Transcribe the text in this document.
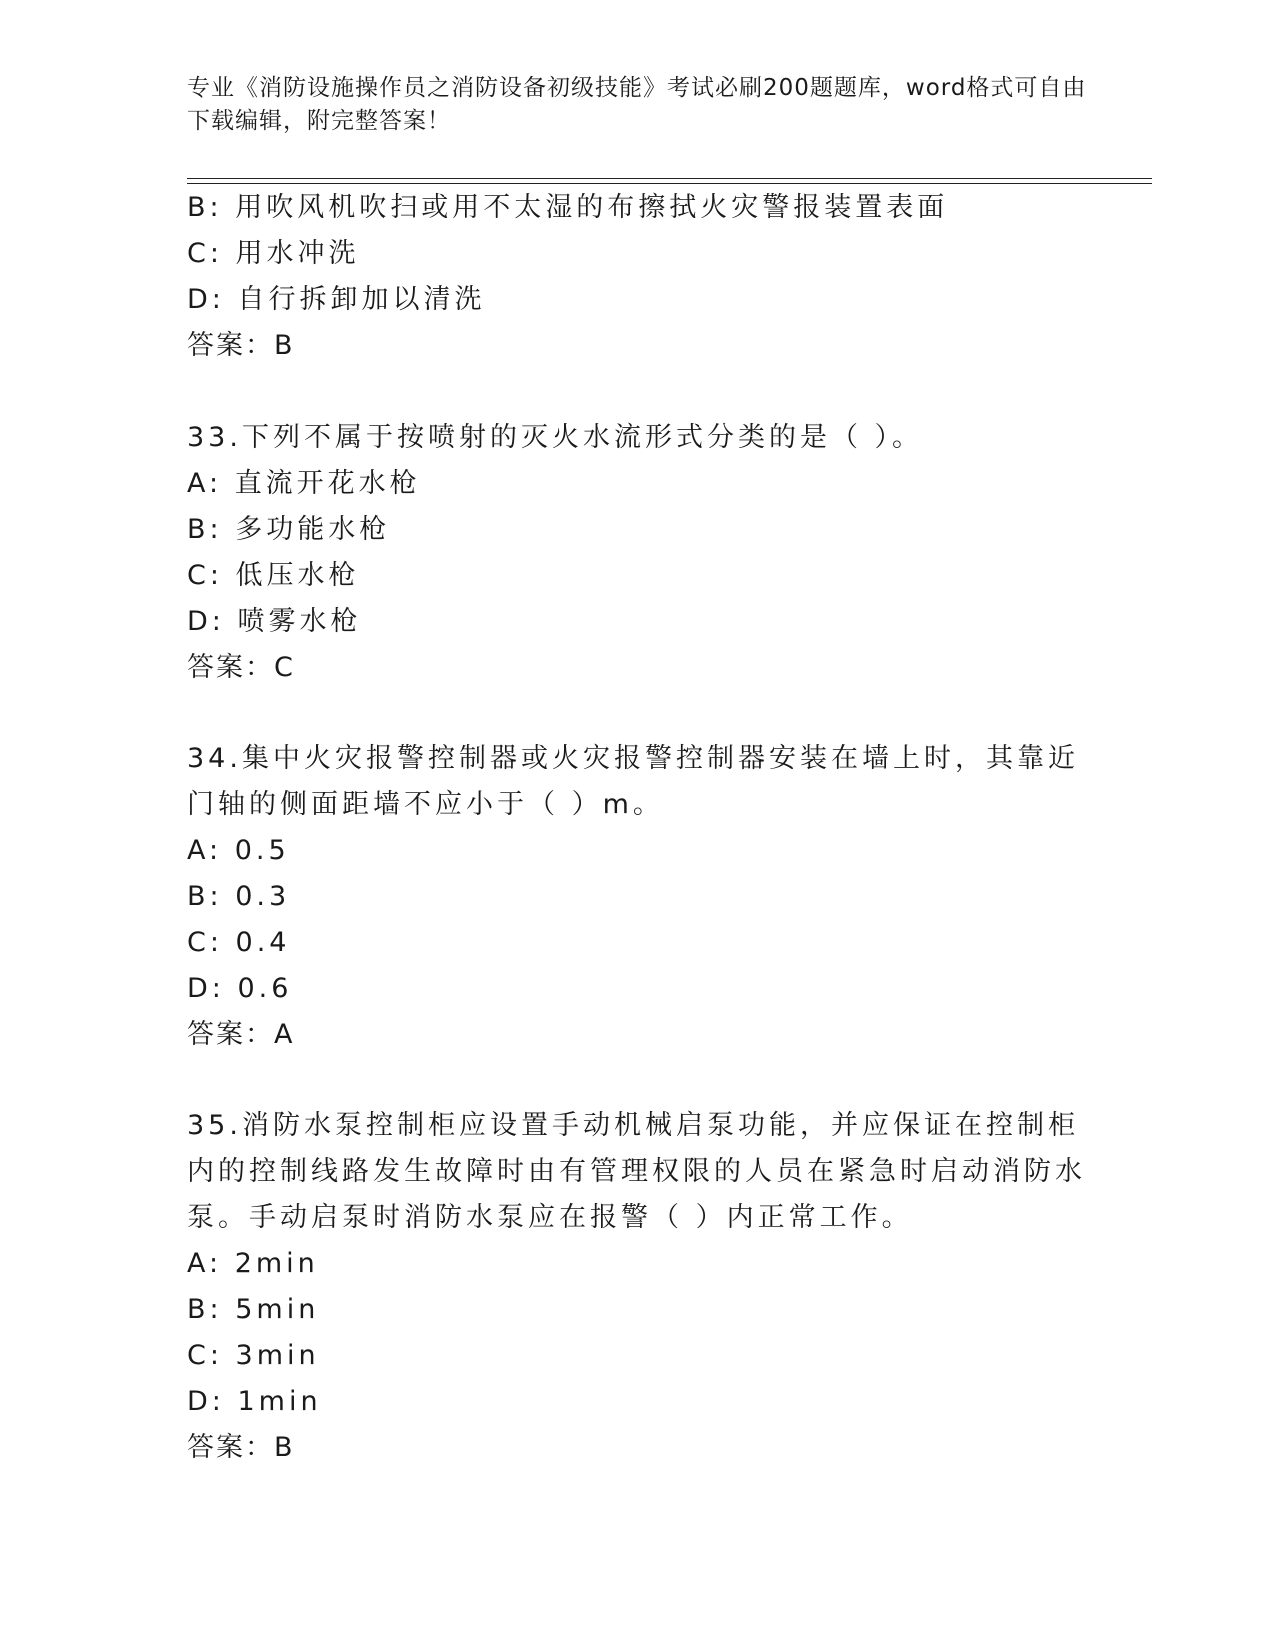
专业《消防设施操作员之消防设备初级技能》考试必刷200题题库，word格式可自由下载编辑，附完整答案！
B: 用吹风机吹扫或用不太湿的布擦拭火灾警报装置表面
C: 用水冲洗
D: 自行拆卸加以清洗
答案：B
33.下列不属于按喷射的灭火水流形式分类的是（ ）。
A: 直流开花水枪
B: 多功能水枪
C: 低压水枪
D: 喷雾水枪
答案：C
34.集中火灾报警控制器或火灾报警控制器安装在墙上时，其靠近门轴的侧面距墙不应小于（ ）m。
A: 0.5
B: 0.3
C: 0.4
D: 0.6
答案：A
35.消防水泵控制柜应设置手动机械启泵功能，并应保证在控制柜内的控制线路发生故障时由有管理权限的人员在紧急时启动消防水泵。手动启泵时消防水泵应在报警（ ）内正常工作。
A: 2min
B: 5min
C: 3min
D: 1min
答案：B
